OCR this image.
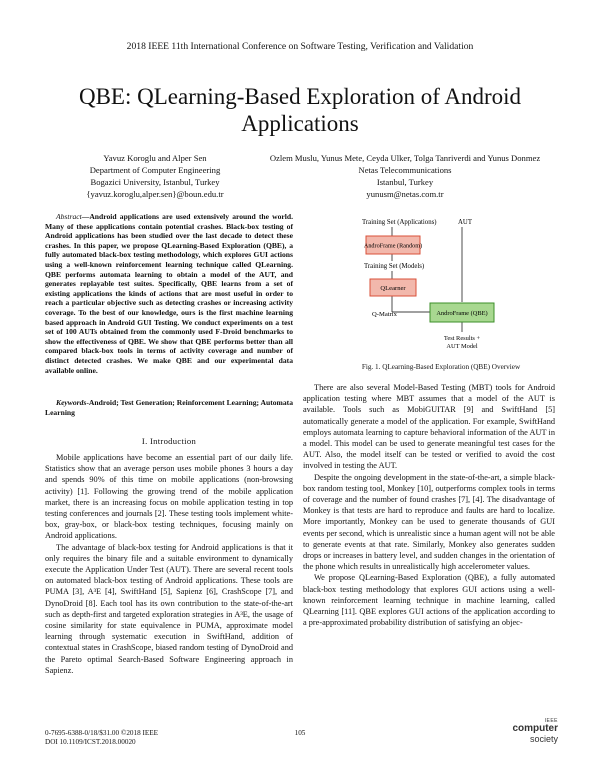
2018 IEEE 11th International Conference on Software Testing, Verification and Validation
QBE: QLearning-Based Exploration of Android Applications
Yavuz Koroglu and Alper Sen
Department of Computer Engineering
Bogazici University, Istanbul, Turkey
{yavuz.koroglu,alper.sen}@boun.edu.tr
Ozlem Muslu, Yunus Mete, Ceyda Ulker, Tolga Tanriverdi and Yunus Donmez
Netas Telecommunications
Istanbul, Turkey
yunusm@netas.com.tr
Abstract—Android applications are used extensively around the world. Many of these applications contain potential crashes. Black-box testing of Android applications has been studied over the last decade to detect these crashes. In this paper, we propose QLearning-Based Exploration (QBE), a fully automated black-box testing methodology, which explores GUI actions using a well-known reinforcement learning technique called QLearning. QBE performs automata learning to obtain a model of the AUT, and generates replayable test suites. Specifically, QBE learns from a set of existing applications the kinds of actions that are most useful in order to reach a particular objective such as detecting crashes or increasing activity coverage. To the best of our knowledge, ours is the first machine learning based approach in Android GUI Testing. We conduct experiments on a test set of 100 AUTs obtained from the commonly used F-Droid benchmarks to show the effectiveness of QBE. We show that QBE performs better than all compared black-box tools in terms of activity coverage and number of distinct detected crashes. We make QBE and our experimental data available online.
Keywords-Android; Test Generation; Reinforcement Learning; Automata Learning
I. Introduction

Mobile applications have become an essential part of our daily life. Statistics show that an average person uses mobile phones 3 hours a day and spends 90% of this time on mobile applications (non-browsing activity) [1]. Following the growing trend of the mobile application market, there is an increasing focus on mobile application testing in top testing conferences and journals [2]. These testing tools implement white-box, gray-box, or black-box testing techniques, focusing mainly on Android applications.

The advantage of black-box testing for Android applications is that it only requires the binary file and a suitable environment to dynamically execute the Application Under Test (AUT). There are several recent tools on automated black-box testing of Android applications. These tools are PUMA [3], A³E [4], SwiftHand [5], Sapienz [6], CrashScope [7], and DynoDroid [8]. Each tool has its own contribution to the state-of-the-art such as depth-first and targeted exploration strategies in A³E, the usage of cosine similarity for state equivalence in PUMA, approximate model learning through systematic execution in SwiftHand, addition of contextual states in CrashScope, biased random testing of DynoDroid and the Pareto optimal Search-Based Software Engineering approach in Sapienz.

Training Set (Applications)	AUT
AndroFrame (Random)
Training Set (Models)
QLearner
Q-Matrix	AndroFrame (QBE)
Test Results +
AUT Model
Fig. 1. QLearning-Based Exploration (QBE) Overview

There are also several Model-Based Testing (MBT) tools for Android application testing where MBT assumes that a model of the AUT is available. Tools such as MobiGUITAR [9] and SwiftHand [5] automatically generate a model of the application. For example, SwiftHand employs automata learning to capture behavioral information of the AUT in a model. This model can be used to generate meaningful test cases for the AUT. Also, the model itself can be tested or verified to avoid the cost involved in testing the AUT.

Despite the ongoing development in the state-of-the-art, a simple black-box random testing tool, Monkey [10], outperforms complex tools in terms of coverage and the number of found crashes [7], [4]. The disadvantage of Monkey is that tests are hard to reproduce and faults are hard to localize. More importantly, Monkey can be used to generate thousands of GUI events per second, which is unrealistic since a human agent will not be able to generate events at that rate. Similarly, Monkey also generates sudden drops or increases in battery level, and sudden changes in the orientation of the phone which results in unrealistically high accelerometer values.

We propose QLearning-Based Exploration (QBE), a fully automated black-box testing methodology that explores GUI actions using a well-known reinforcement learning technique in machine learning, called QLearning [11]. QBE explores GUI actions of the application according to a pre-approximated probability distribution of satisfying an objec-

0-7695-6388-0/18/$31.00 ©2018 IEEE
DOI 10.1109/ICST.2018.00020
105
IEEE
computer
society
